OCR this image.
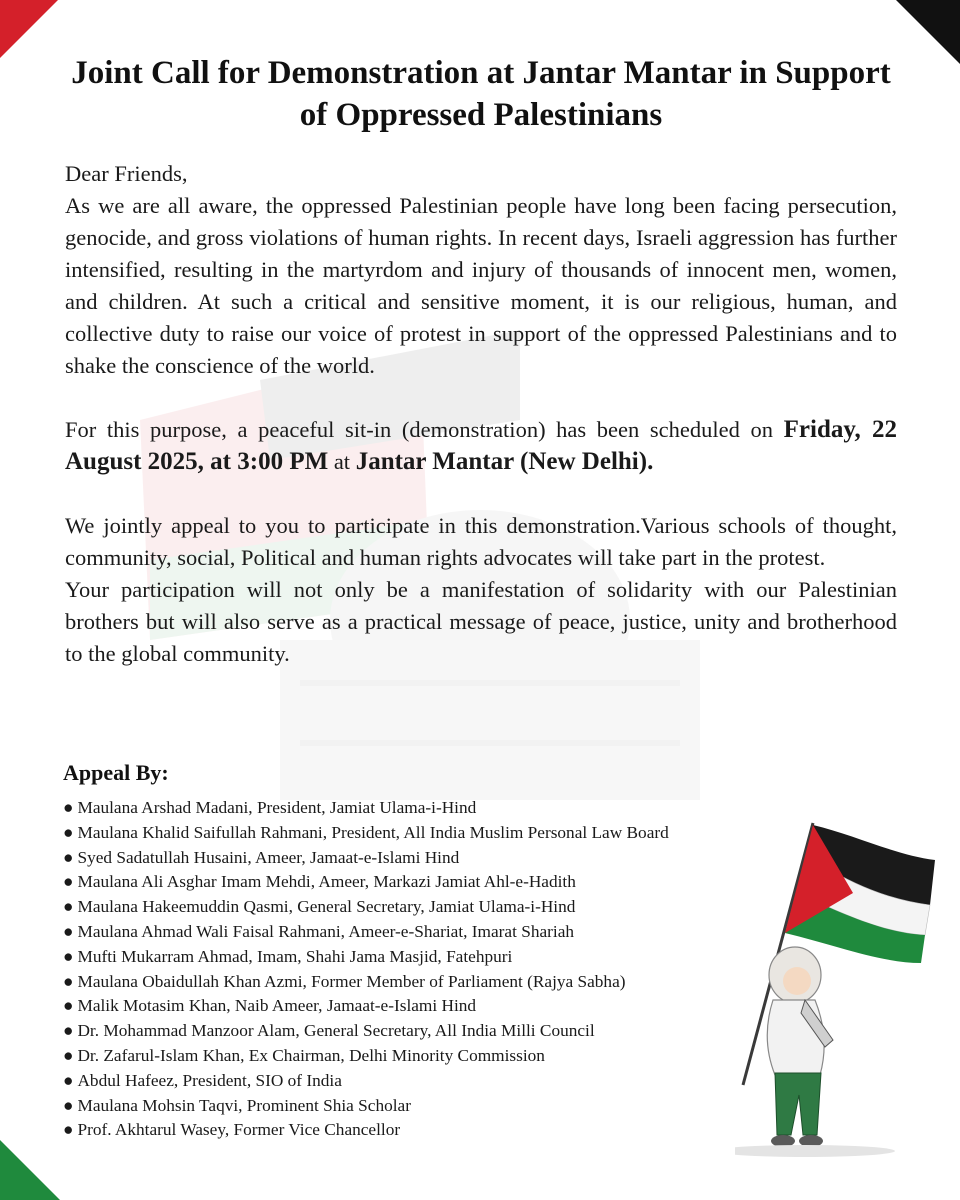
Joint Call for Demonstration at Jantar Mantar in Support of Oppressed Palestinians

Dear Friends,

As we are all aware, the oppressed Palestinian people have long been facing persecution, genocide, and gross violations of human rights. In recent days, Israeli aggression has further intensified, resulting in the martyrdom and injury of thousands of innocent men, women, and children. At such a critical and sensitive moment, it is our religious, human, and collective duty to raise our voice of protest in support of the oppressed Palestinians and to shake the conscience of the world.

For this purpose, a peaceful sit-in (demonstration) has been scheduled on Friday, 22 August 2025, at 3:00 PM at Jantar Mantar (New Delhi).

We jointly appeal to you to participate in this demonstration.Various schools of thought, community, social, Political and human rights advocates will take part in the protest.

Your participation will not only be a manifestation of solidarity with our Palestinian brothers but will also serve as a practical message of peace, justice, unity and brotherhood to the global community.

Appeal By:

● Maulana Arshad Madani, President, Jamiat Ulama-i-Hind
● Maulana Khalid Saifullah Rahmani, President, All India Muslim Personal Law Board
● Syed Sadatullah Husaini, Ameer, Jamaat-e-Islami Hind
● Maulana Ali Asghar Imam Mehdi, Ameer, Markazi Jamiat Ahl-e-Hadith
● Maulana Hakeemuddin Qasmi, General Secretary, Jamiat Ulama-i-Hind
● Maulana Ahmad Wali Faisal Rahmani, Ameer-e-Shariat, Imarat Shariah
● Mufti Mukarram Ahmad, Imam, Shahi Jama Masjid, Fatehpuri
● Maulana Obaidullah Khan Azmi, Former Member of Parliament (Rajya Sabha)
● Malik Motasim Khan, Naib Ameer, Jamaat-e-Islami Hind
● Dr. Mohammad Manzoor Alam, General Secretary, All India Milli Council
● Dr. Zafarul-Islam Khan, Ex Chairman, Delhi Minority Commission
● Abdul Hafeez, President, SIO of India
● Maulana Mohsin Taqvi, Prominent Shia Scholar
● Prof. Akhtarul Wasey, Former Vice Chancellor
